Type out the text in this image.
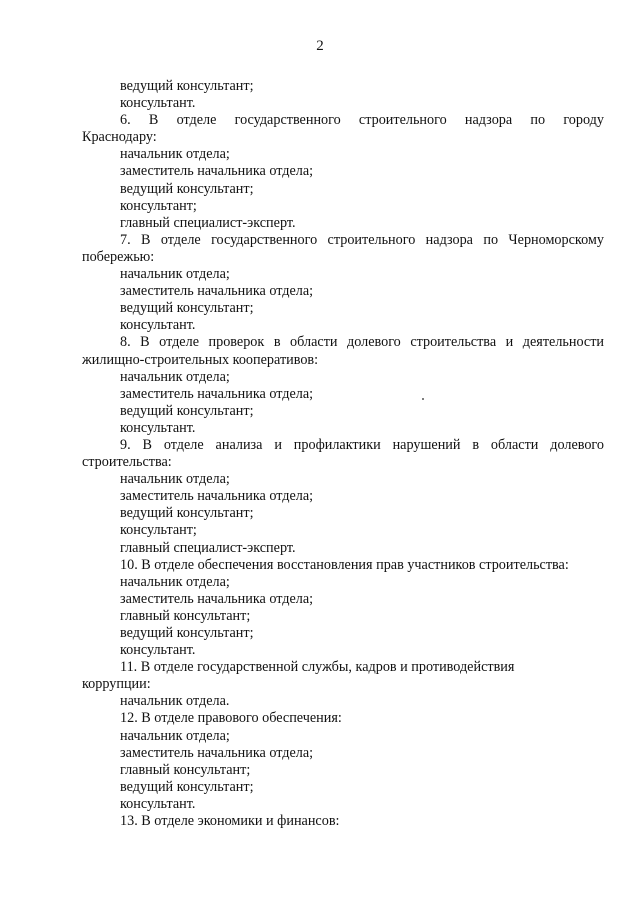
2
ведущий консультант;
консультант.
6. В отделе государственного строительного надзора по городу
Краснодару:
начальник отдела;
заместитель начальника отдела;
ведущий консультант;
консультант;
главный специалист-эксперт.
7. В отделе государственного строительного надзора по Черноморскому
побережью:
начальник отдела;
заместитель начальника отдела;
ведущий консультант;
консультант.
8. В отделе проверок в области долевого строительства и деятельности
жилищно-строительных кооперативов:
начальник отдела;
заместитель начальника отдела;
ведущий консультант;
консультант.
9. В отделе анализа и профилактики нарушений в области долевого
строительства:
начальник отдела;
заместитель начальника отдела;
ведущий консультант;
консультант;
главный специалист-эксперт.
10. В отделе обеспечения восстановления прав участников строительства:
начальник отдела;
заместитель начальника отдела;
главный консультант;
ведущий консультант;
консультант.
11. В отделе государственной службы, кадров и противодействия
коррупции:
начальник отдела.
12. В отделе правового обеспечения:
начальник отдела;
заместитель начальника отдела;
главный консультант;
ведущий консультант;
консультант.
13. В отделе экономики и финансов:
